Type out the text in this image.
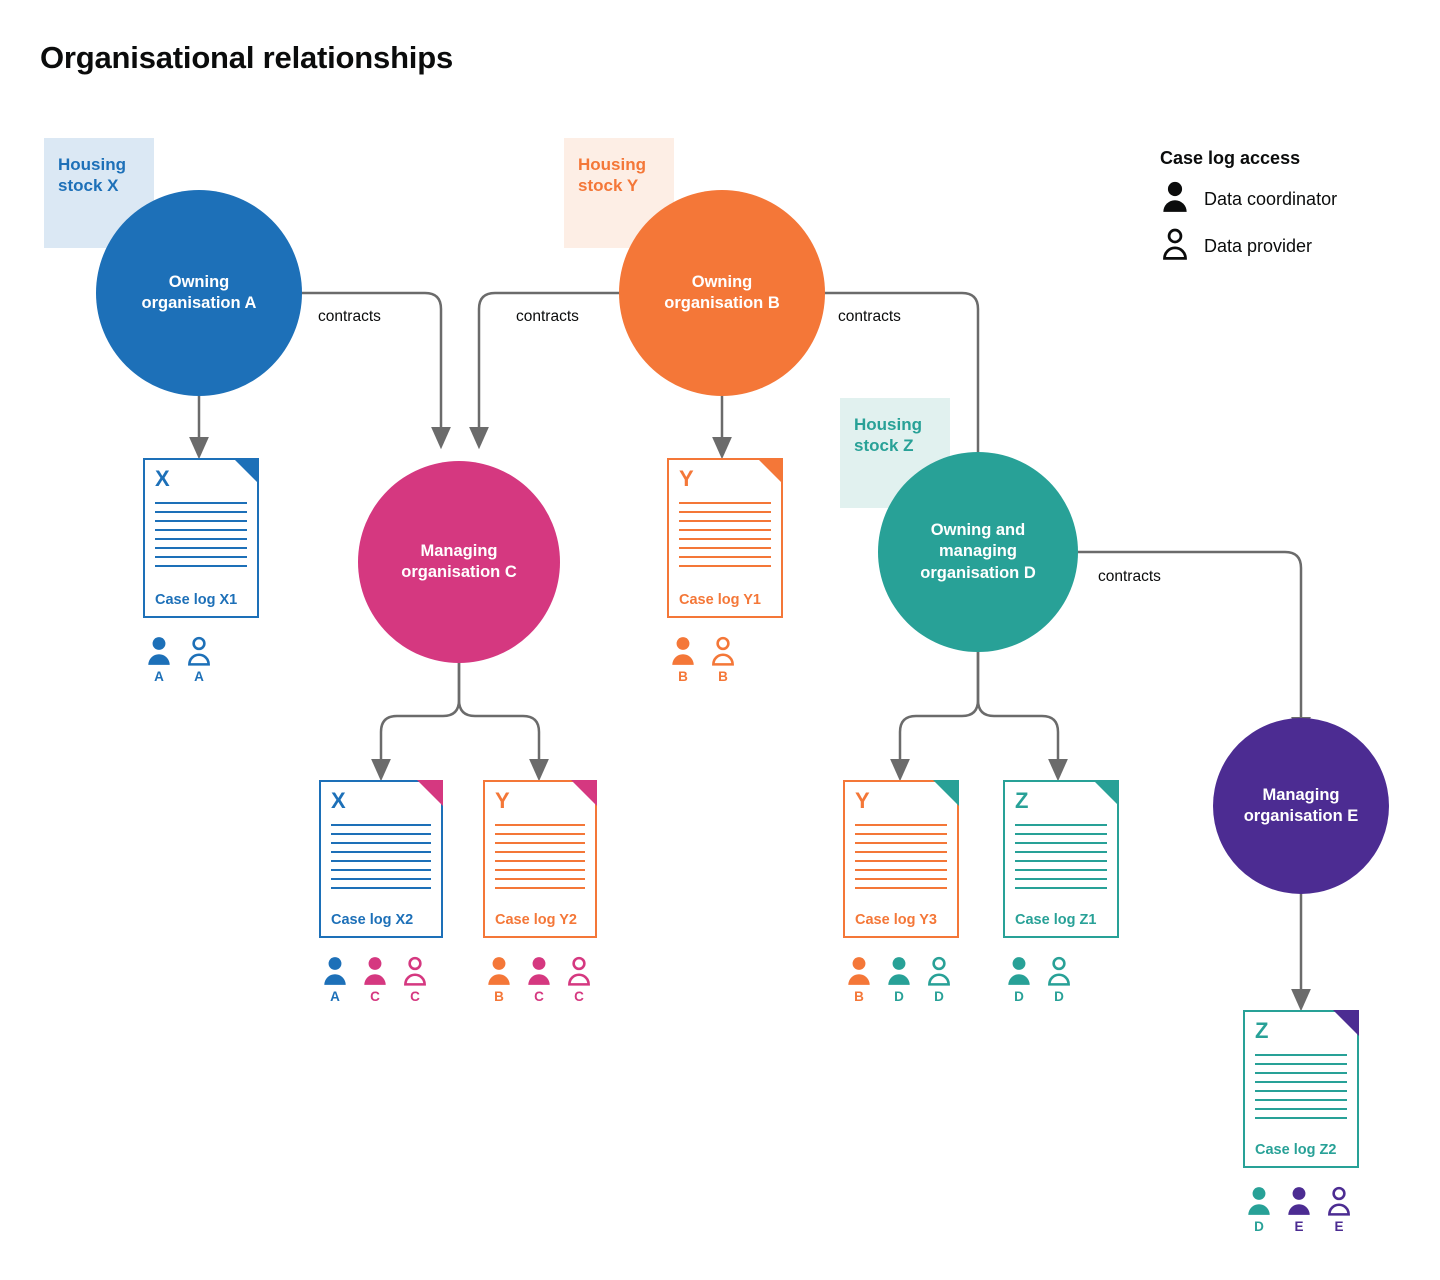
Organisational relationships
Housing
stock X
Housing
stock Y
Housing
stock Z
Owning
organisation A
Owning
organisation B
Managing
organisation C
Owning and
managing
organisation D
Managing
organisation E
contracts	contracts	contracts
contracts
X
Case log X1
A	A
Y
Case log Y1
B	B
X
Case log X2
A	C	C
Y
Case log Y2
B	C	C
Y
Case log Y3
B	D	D
Z
Case log Z1
D	D
Z
Case log Z2
D	E	E
Case log access
Data coordinator
Data provider
